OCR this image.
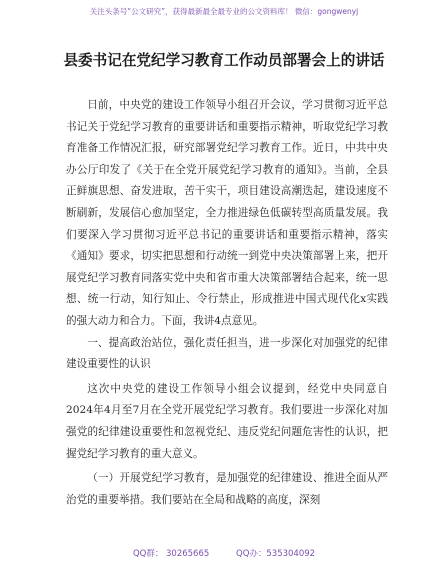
关注头条号“公文研究”，获得最新最全最专业的公文资料库！ 微信：gongwenyj
县委书记在党纪学习教育工作动员部署会上的讲话

日前，中央党的建设工作领导小组召开会议，学习贯彻习近平总书记关于党纪学习教育的重要讲话和重要指示精神，听取党纪学习教育准备工作情况汇报，研究部署党纪学习教育工作。近日，中共中央办公厅印发了《关于在全党开展党纪学习教育的通知》。当前，全县正鲜旗思想、奋发进取，苦干实干，项目建设高潮迭起，建设速度不断刷新，发展信心愈加坚定，全力推进绿色低碳转型高质量发展。我们要深入学习贯彻习近平总书记的重要讲话和重要指示精神，落实《通知》要求，切实把思想和行动统一到党中央决策部署上来，把开展党纪学习教育同落实党中央和省市重大决策部署结合起来，统一思想、统一行动，知行知止、令行禁止，形成推进中国式现代化x实践的强大动力和合力。下面，我讲4点意见。

一、提高政治站位，强化责任担当，进一步深化对加强党的纪律建设重要性的认识

这次中央党的建设工作领导小组会议提到，经党中央同意自2024年4月至7月在全党开展党纪学习教育。我们要进一步深化对加强党的纪律建设重要性和忽视党纪、违反党纪问题危害性的认识，把握党纪学习教育的重大意义。

（一）开展党纪学习教育，是加强党的纪律建设、推进全面从严治党的重要举措。我们要站在全局和战略的高度，深刻

QQ群： 30265665	QQ办：535304092
